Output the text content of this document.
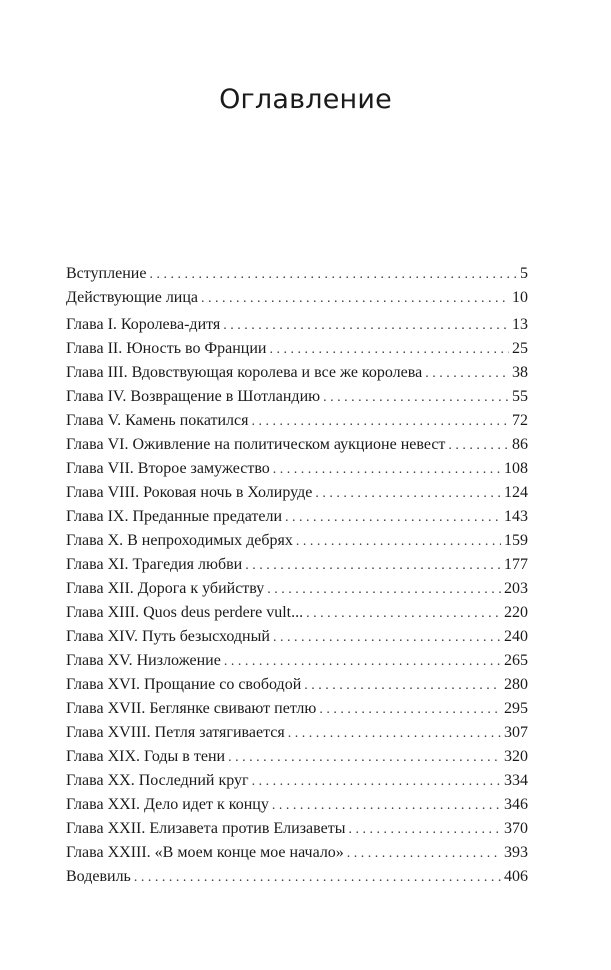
Оглавление
Вступление . . .	5
Действующие лица . . .	10
Глава I. Королева-дитя . . .	13
Глава II. Юность во Франции . . .	25
Глава III. Вдовствующая королева и все же королева . . .	38
Глава IV. Возвращение в Шотландию . . .	55
Глава V. Камень покатился . . .	72
Глава VI. Оживление на политическом аукционе невест . . .	86
Глава VII. Второе замужество . . .	108
Глава VIII. Роковая ночь в Холируде . . .	124
Глава IX. Преданные предатели . . .	143
Глава X. В непроходимых дебрях . . .	159
Глава XI. Трагедия любви . . .	177
Глава XII. Дорога к убийству . . .	203
Глава XIII. Quos deus perdere vult... . . .	220
Глава XIV. Путь безысходный . . .	240
Глава XV. Низложение . . .	265
Глава XVI. Прощание со свободой . . .	280
Глава XVII. Беглянке свивают петлю . . .	295
Глава XVIII. Петля затягивается . . .	307
Глава XIX. Годы в тени . . .	320
Глава XX. Последний круг . . .	334
Глава XXI. Дело идет к концу . . .	346
Глава XXII. Елизавета против Елизаветы . . .	370
Глава XXIII. «В моем конце мое начало» . . .	393
Водевиль . . .	406
